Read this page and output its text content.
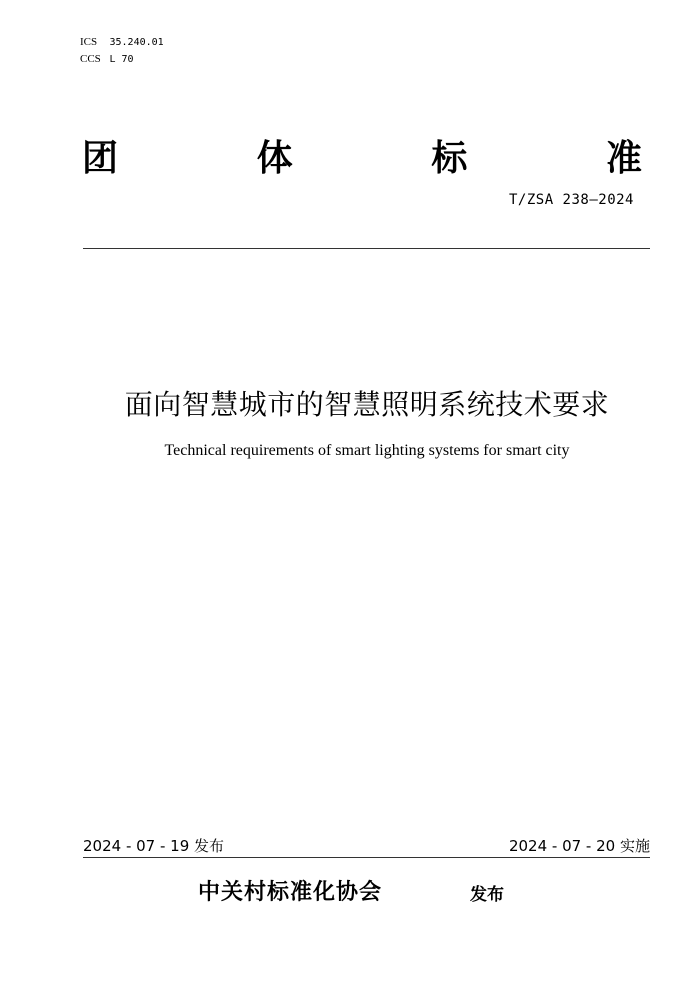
ICS 35.240.01
CCS L 70
团	体	标	准
T/ZSA 238—2024
面向智慧城市的智慧照明系统技术要求
Technical requirements of smart lighting systems for smart city
2024 - 07 - 19 发布	2024 - 07 - 20 实施
中关村标准化协会	发布
